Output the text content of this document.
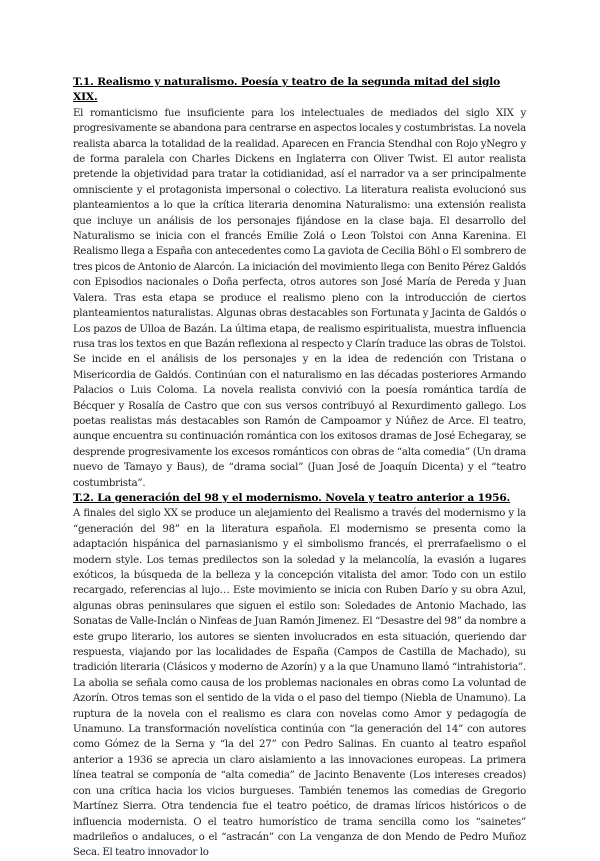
T.1. Realismo y naturalismo. Poesía y teatro de la segunda mitad del siglo XIX.

El romanticismo fue insuficiente para los intelectuales de mediados del siglo XIX y progresivamente se abandona para centrarse en aspectos locales y costumbristas. La novela realista abarca la totalidad de la realidad. Aparecen en Francia Stendhal con Rojo yNegro y de forma paralela con Charles Dickens en Inglaterra con Oliver Twist. El autor realista pretende la objetividad para tratar la cotidianidad, así el narrador va a ser principalmente omnisciente y el protagonista impersonal o colectivo. La literatura realista evolucionó sus planteamientos a lo que la crítica literaria denomina Naturalismo: una extensión realista que incluye un análisis de los personajes fijándose en la clase baja. El desarrollo del Naturalismo se inicia con el francés Emilie Zolá o Leon Tolstoi con Anna Karenina. El Realismo llega a España con antecedentes como La gaviota de Cecilia Böhl o El sombrero de tres picos de Antonio de Alarcón. La iniciación del movimiento llega con Benito Pérez Galdós con Episodios nacionales o Doña perfecta, otros autores son José María de Pereda y Juan Valera. Tras esta etapa se produce el realismo pleno con la introducción de ciertos planteamientos naturalistas. Algunas obras destacables son Fortunata y Jacinta de Galdós o Los pazos de Ulloa de Bazán. La última etapa, de realismo espiritualista, muestra influencia rusa tras los textos en que Bazán reflexiona al respecto y Clarín traduce las obras de Tolstoi. Se incide en el análisis de los personajes y en la idea de redención con Tristana o Misericordia de Galdós. Continúan con el naturalismo en las décadas posteriores Armando Palacios o Luis Coloma. La novela realista convivió con la poesía romántica tardía de Bécquer y Rosalía de Castro que con sus versos contribuyó al Rexurdimento gallego. Los poetas realistas más destacables son Ramón de Campoamor y Núñez de Arce. El teatro, aunque encuentra su continuación romántica con los exitosos dramas de José Echegaray, se desprende progresivamente los excesos románticos con obras de “alta comedia” (Un drama nuevo de Tamayo y Baus), de “drama social” (Juan José de Joaquín Dicenta) y el “teatro costumbrista”.

T.2. La generación del 98 y el modernismo. Novela y teatro anterior a 1956.

A finales del siglo XX se produce un alejamiento del Realismo a través del modernismo y la “generación del 98” en la literatura española. El modernismo se presenta como la adaptación hispánica del parnasianismo y el simbolismo francés, el prerrafaelismo o el modern style. Los temas predilectos son la soledad y la melancolía, la evasión a lugares exóticos, la búsqueda de la belleza y la concepción vitalista del amor. Todo con un estilo recargado, referencias al lujo… Este movimiento se inicia con Ruben Darío y su obra Azul, algunas obras peninsulares que siguen el estilo son: Soledades de Antonio Machado, las Sonatas de Valle-Inclán o Ninfeas de Juan Ramón Jimenez. El “Desastre del 98” da nombre a este grupo literario, los autores se sienten involucrados en esta situación, queriendo dar respuesta, viajando por las localidades de España (Campos de Castilla de Machado), su tradición literaria (Clásicos y moderno de Azorín) y a la que Unamuno llamó “intrahistoria”. La abolia se señala como causa de los problemas nacionales en obras como La voluntad de Azorín. Otros temas son el sentido de la vida o el paso del tiempo (Niebla de Unamuno). La ruptura de la novela con el realismo es clara con novelas como Amor y pedagogía de Unamuno. La transformación novelística continúa con “la generación del 14” con autores como Gómez de la Serna y “la del 27” con Pedro Salinas. En cuanto al teatro español anterior a 1936 se aprecia un claro aislamiento a las innovaciones europeas. La primera línea teatral se componía de “alta comedia” de Jacinto Benavente (Los intereses creados) con una crítica hacia los vicios burgueses. También tenemos las comedias de Gregorio Martínez Sierra. Otra tendencia fue el teatro poético, de dramas líricos históricos o de influencia modernista. O el teatro humorístico de trama sencilla como los “sainetes” madrileños o andaluces, o el “astracán” con La venganza de don Mendo de Pedro Muñoz Seca. El teatro innovador lo
